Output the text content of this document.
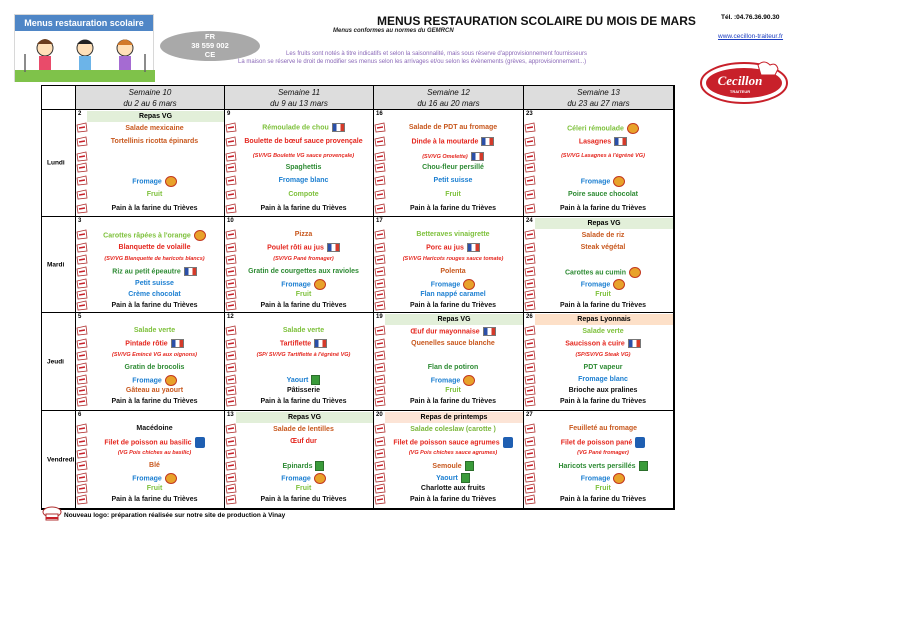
Menus restauration scolaire
FR
38 559 002
CE
MENUS RESTAURATION SCOLAIRE DU MOIS DE MARS
Menus conformes au normes du GEMRCN
Les fruits sont notés à titre indicatifs et selon la saisonnalité, mais sous réserve d'approvisionnement fournisseurs
La maison se réserve le droit de modifier ses menus selon les arrivages et/ou selon les évènements (grèves, approvisionnement...)
Tél. :04.76.36.90.30
www.cecillon-traiteur.fr
Cecillon
TRAITEUR
Semaine 10
du 2 au 6 mars
Semaine 11
du 9 au 13 mars
Semaine 12
du 16 au 20 mars
Semaine 13
du 23 au 27 mars
Lundi
Repas VG
2
Salade mexicaine
Tortellinis ricotta épinards
Fromage
Fruit
Pain à la farine du Trièves
9
Rémoulade de chou
Boulette de bœuf sauce provençale
(SV/VG Boulette VG sauce provençale)
Spaghettis
Fromage blanc
Compote
Pain à la farine du Trièves
16
Salade de PDT au fromage
Dinde à la moutarde
(SV/VG Omelette)
Chou-fleur persillé
Petit suisse
Fruit
Pain à la farine du Trièves
23
Céleri rémoulade
Lasagnes
(SV/VG Lasagnes à l'égréné VG)
Fromage
Poire sauce chocolat
Pain à la farine du Trièves
Mardi
3
Carottes râpées à l'orange
Blanquette de volaille
(SV/VG Blanquette de haricots blancs)
Riz au petit épeautre
Petit suisse
Crème chocolat
Pain à la farine du Trièves
10
Pizza
Poulet rôti au jus
(SV/VG Pané fromager)
Gratin de courgettes aux ravioles
Fromage
Fruit
Pain à la farine du Trièves
17
Betteraves vinaigrette
Porc au jus
(SV/VG Haricots rouges sauce tomate)
Polenta
Fromage
Flan nappé caramel
Pain à la farine du Trièves
Repas VG
24
Salade de riz
Steak végétal
Carottes au cumin
Fromage
Fruit
Pain à la farine du Trièves
Jeudi
5
Salade verte
Pintade rôtie
(SV/VG Emincé VG aux oignons)
Gratin de brocolis
Fromage
Gâteau au yaourt
Pain à la farine du Trièves
12
Salade verte
Tartiflette
(SP/ SV/VG Tartiflette à l'égréné VG)
Yaourt
Pâtisserie
Pain à la farine du Trièves
Repas VG
19
Œuf dur mayonnaise
Quenelles sauce blanche
Flan de potiron
Fromage
Fruit
Pain à la farine du Trièves
Repas Lyonnais
26
Salade verte
Saucisson à cuire
(SP/SV/VG Steak VG)
PDT vapeur
Fromage blanc
Brioche aux pralines
Pain à la farine du Trièves
Vendredi
6
Macédoine
Filet de poisson au basilic
(VG Pois chiches au basilic)
Blé
Fromage
Fruit
Pain à la farine du Trièves
Repas VG
13
Salade de lentilles
Œuf dur
Epinards
Fromage
Fruit
Pain à la farine du Trièves
Repas de printemps
20
Salade coleslaw (carotte )
Filet de poisson sauce agrumes
(VG Pois chiches sauce agrumes)
Semoule
Yaourt
Charlotte aux fruits
Pain à la farine du Trièves
27
Feuilleté au fromage
Filet de poisson pané
(VG Pané fromager)
Haricots verts persillés
Fromage
Fruit
Pain à la farine du Trièves
Nouveau logo: préparation réalisée sur notre site de production à Vinay
